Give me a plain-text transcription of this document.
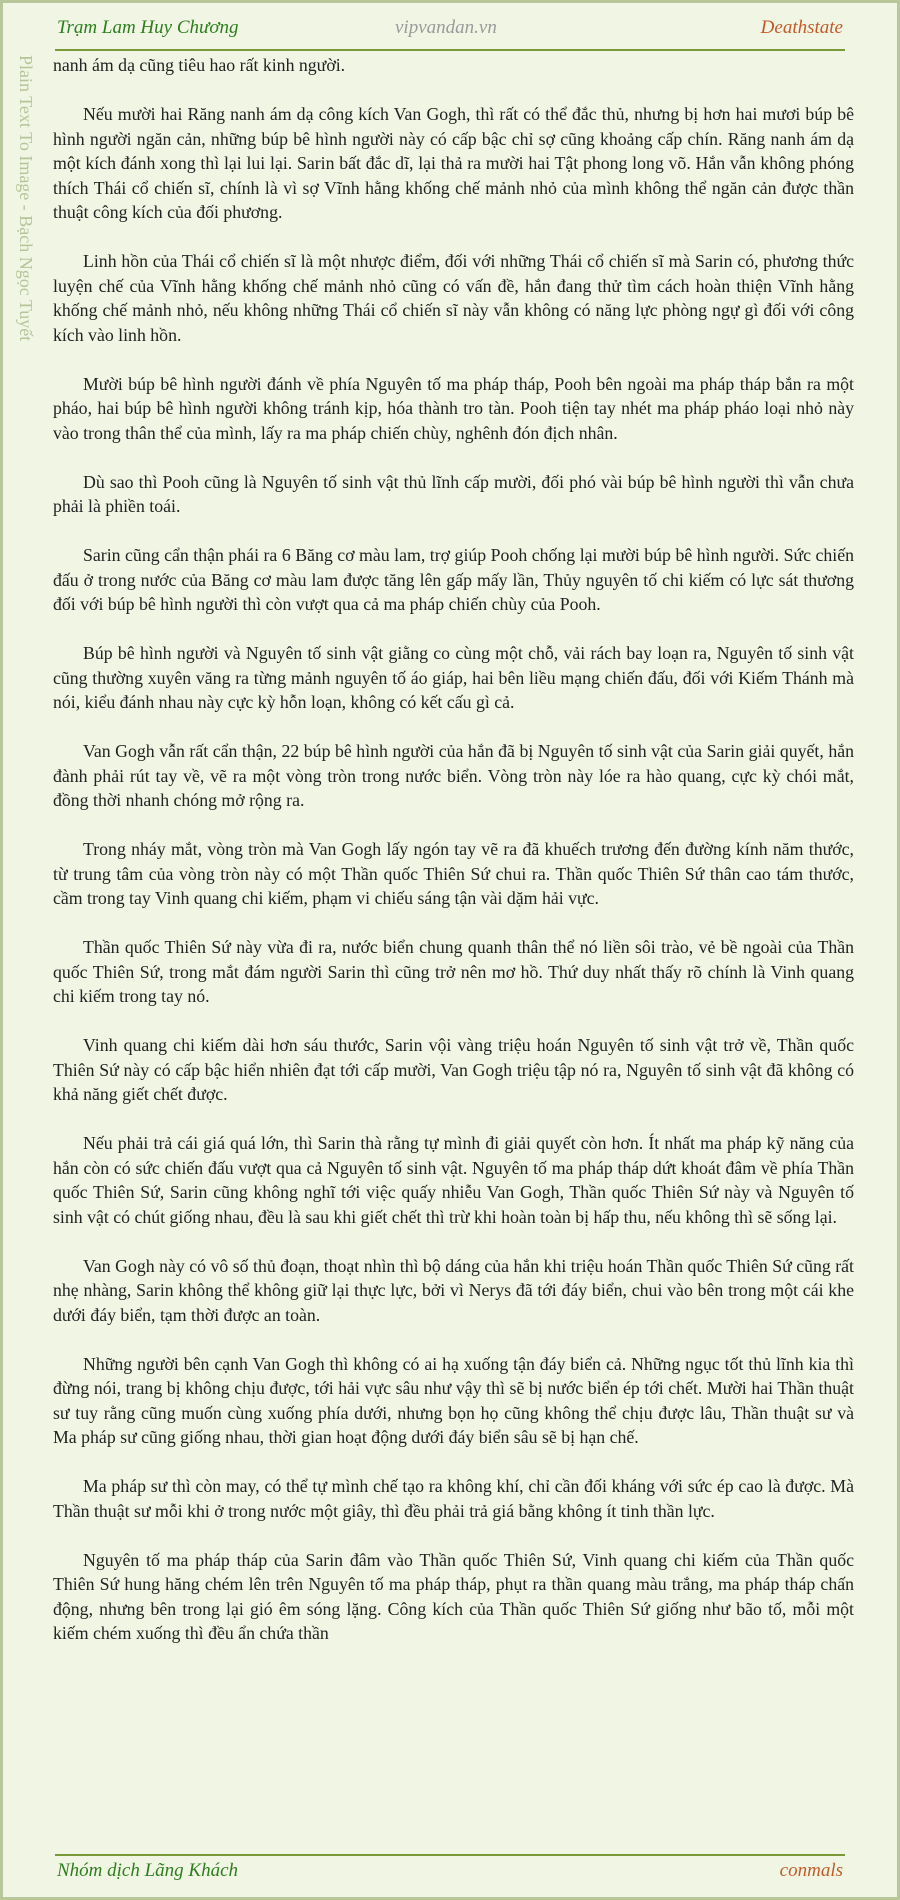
Trạm Lam Huy Chương	vipvandan.vn	Deathstate
Plain Text To Image - Bạch Ngọc Tuyết nanh ám dạ cũng tiêu hao rất kinh người.

Nếu mười hai Răng nanh ám dạ công kích Van Gogh, thì rất có thể đắc thủ, nhưng bị hơn hai mươi búp bê hình người ngăn cản, những búp bê hình người này có cấp bậc chỉ sợ cũng khoảng cấp chín. Răng nanh ám dạ một kích đánh xong thì lại lui lại. Sarin bất đắc dĩ, lại thả ra mười hai Tật phong long võ. Hắn vẫn không phóng thích Thái cổ chiến sĩ, chính là vì sợ Vĩnh hằng khống chế mảnh nhỏ của mình không thể ngăn cản được thần thuật công kích của đối phương.

Linh hồn của Thái cổ chiến sĩ là một nhược điểm, đối với những Thái cổ chiến sĩ mà Sarin có, phương thức luyện chế của Vĩnh hằng khống chế mảnh nhỏ cũng có vấn đề, hắn đang thử tìm cách hoàn thiện Vĩnh hằng khống chế mảnh nhỏ, nếu không những Thái cổ chiến sĩ này vẫn không có năng lực phòng ngự gì đối với công kích vào linh hồn.

Mười búp bê hình người đánh về phía Nguyên tố ma pháp tháp, Pooh bên ngoài ma pháp tháp bắn ra một pháo, hai búp bê hình người không tránh kịp, hóa thành tro tàn. Pooh tiện tay nhét ma pháp pháo loại nhỏ này vào trong thân thể của mình, lấy ra ma pháp chiến chùy, nghênh đón địch nhân.

Dù sao thì Pooh cũng là Nguyên tố sinh vật thủ lĩnh cấp mười, đối phó vài búp bê hình người thì vẫn chưa phải là phiền toái.

Sarin cũng cẩn thận phái ra 6 Băng cơ màu lam, trợ giúp Pooh chống lại mười búp bê hình người. Sức chiến đấu ở trong nước của Băng cơ màu lam được tăng lên gấp mấy lần, Thủy nguyên tố chi kiếm có lực sát thương đối với búp bê hình người thì còn vượt qua cả ma pháp chiến chùy của Pooh.

Búp bê hình người và Nguyên tố sinh vật giằng co cùng một chỗ, vải rách bay loạn ra, Nguyên tố sinh vật cũng thường xuyên văng ra từng mảnh nguyên tố áo giáp, hai bên liều mạng chiến đấu, đối với Kiếm Thánh mà nói, kiểu đánh nhau này cực kỳ hỗn loạn, không có kết cấu gì cả.

Van Gogh vẫn rất cẩn thận, 22 búp bê hình người của hắn đã bị Nguyên tố sinh vật của Sarin giải quyết, hắn đành phải rút tay về, vẽ ra một vòng tròn trong nước biển. Vòng tròn này lóe ra hào quang, cực kỳ chói mắt, đồng thời nhanh chóng mở rộng ra.

Trong nháy mắt, vòng tròn mà Van Gogh lấy ngón tay vẽ ra đã khuếch trương đến đường kính năm thước, từ trung tâm của vòng tròn này có một Thần quốc Thiên Sứ chui ra. Thần quốc Thiên Sứ thân cao tám thước, cầm trong tay Vinh quang chi kiếm, phạm vi chiếu sáng tận vài dặm hải vực.

Thần quốc Thiên Sứ này vừa đi ra, nước biển chung quanh thân thể nó liền sôi trào, vẻ bề ngoài của Thần quốc Thiên Sứ, trong mắt đám người Sarin thì cũng trở nên mơ hồ. Thứ duy nhất thấy rõ chính là Vinh quang chi kiếm trong tay nó.

Vinh quang chi kiếm dài hơn sáu thước, Sarin vội vàng triệu hoán Nguyên tố sinh vật trở về, Thần quốc Thiên Sứ này có cấp bậc hiển nhiên đạt tới cấp mười, Van Gogh triệu tập nó ra, Nguyên tố sinh vật đã không có khả năng giết chết được.

Nếu phải trả cái giá quá lớn, thì Sarin thà rằng tự mình đi giải quyết còn hơn. Ít nhất ma pháp kỹ năng của hắn còn có sức chiến đấu vượt qua cả Nguyên tố sinh vật. Nguyên tố ma pháp tháp dứt khoát đâm về phía Thần quốc Thiên Sứ, Sarin cũng không nghĩ tới việc quấy nhiễu Van Gogh, Thần quốc Thiên Sứ này và Nguyên tố sinh vật có chút giống nhau, đều là sau khi giết chết thì trừ khi hoàn toàn bị hấp thu, nếu không thì sẽ sống lại.

Van Gogh này có vô số thủ đoạn, thoạt nhìn thì bộ dáng của hắn khi triệu hoán Thần quốc Thiên Sứ cũng rất nhẹ nhàng, Sarin không thể không giữ lại thực lực, bởi vì Nerys đã tới đáy biển, chui vào bên trong một cái khe dưới đáy biển, tạm thời được an toàn.

Những người bên cạnh Van Gogh thì không có ai hạ xuống tận đáy biển cả. Những ngục tốt thủ lĩnh kia thì đừng nói, trang bị không chịu được, tới hải vực sâu như vậy thì sẽ bị nước biển ép tới chết. Mười hai Thần thuật sư tuy rằng cũng muốn cùng xuống phía dưới, nhưng bọn họ cũng không thể chịu được lâu, Thần thuật sư và Ma pháp sư cũng giống nhau, thời gian hoạt động dưới đáy biển sâu sẽ bị hạn chế.

Ma pháp sư thì còn may, có thể tự mình chế tạo ra không khí, chỉ cần đối kháng với sức ép cao là được. Mà Thần thuật sư mỗi khi ở trong nước một giây, thì đều phải trả giá bằng không ít tinh thần lực.

Nguyên tố ma pháp tháp của Sarin đâm vào Thần quốc Thiên Sứ, Vinh quang chi kiếm của Thần quốc Thiên Sứ hung hăng chém lên trên Nguyên tố ma pháp tháp, phụt ra thần quang màu trắng, ma pháp tháp chấn động, nhưng bên trong lại gió êm sóng lặng. Công kích của Thần quốc Thiên Sứ giống như bão tố, mỗi một kiếm chém xuống thì đều ẩn chứa thần

Nhóm dịch Lãng Khách	conmals
